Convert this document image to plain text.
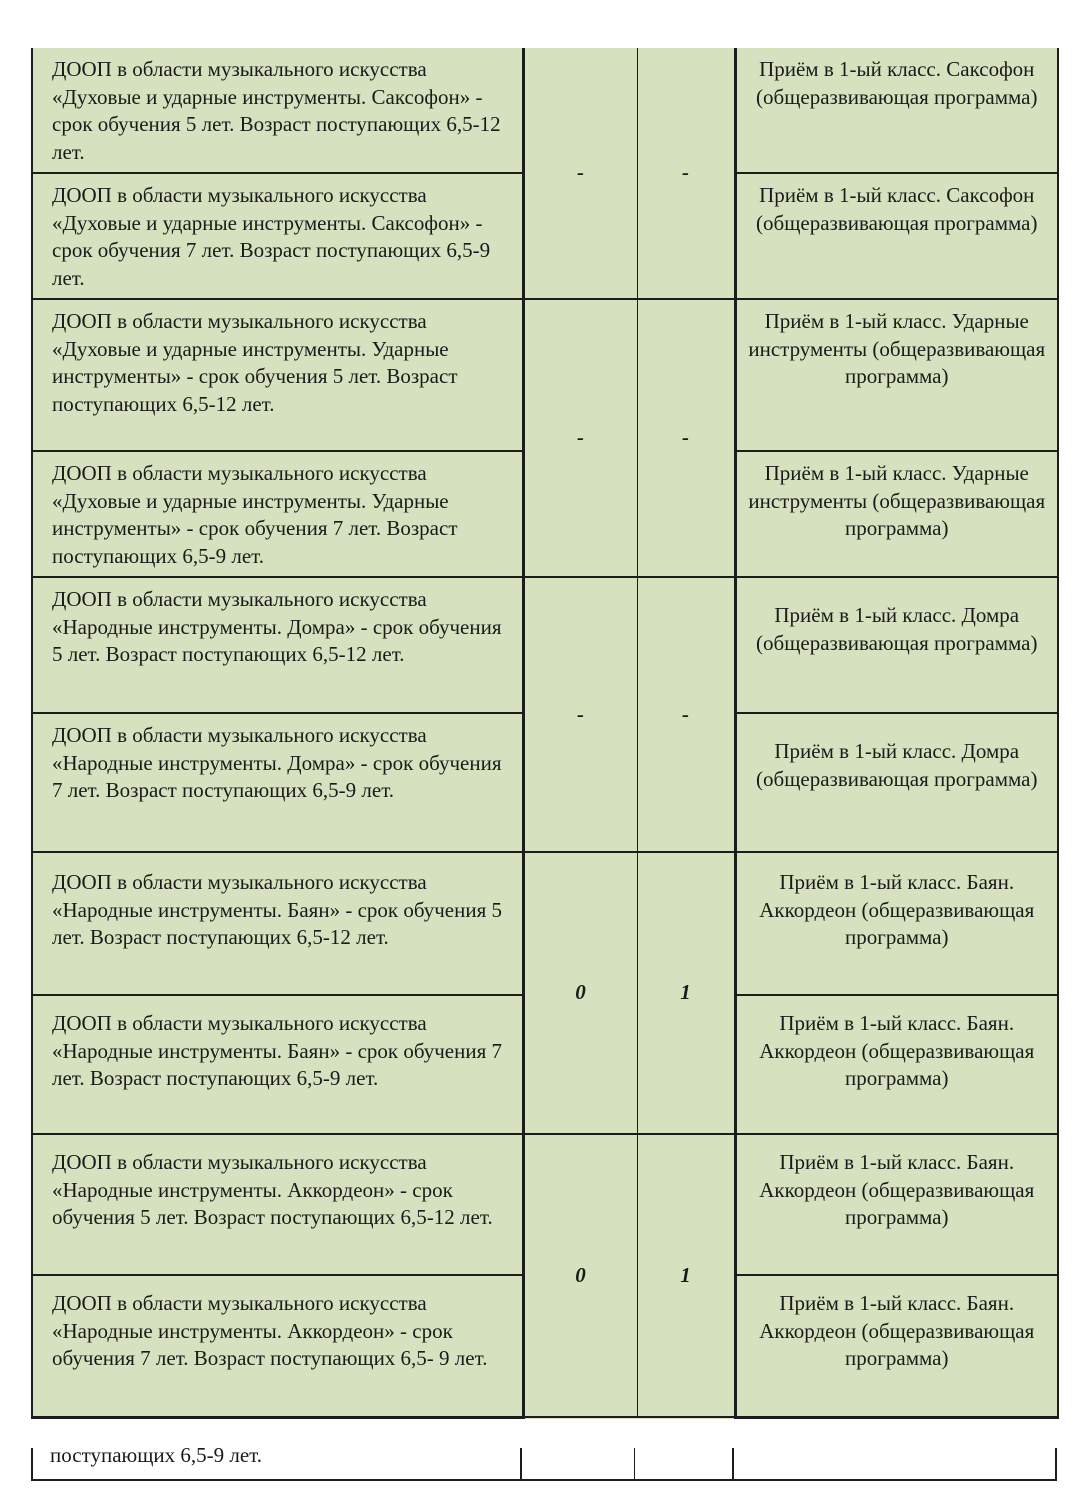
ДООП в области музыкального искусства «Духовые и ударные инструменты. Саксофон» - срок обучения 5 лет. Возраст поступающих 6,5-12 лет.	-	-	Приём в 1-ый класс. Саксофон (общеразвивающая программа)

ДООП в области музыкального искусства «Духовые и ударные инструменты. Саксофон» - срок обучения 7 лет. Возраст поступающих 6,5-9 лет.			Приём в 1-ый класс. Саксофон (общеразвивающая программа)

ДООП в области музыкального искусства «Духовые и ударные инструменты. Ударные инструменты» - срок обучения 5 лет. Возраст поступающих 6,5-12 лет.	-	-	Приём в 1-ый класс. Ударные инструменты (общеразвивающая программа)

ДООП в области музыкального искусства «Духовые и ударные инструменты. Ударные инструменты» - срок обучения 7 лет. Возраст поступающих 6,5-9 лет.			Приём в 1-ый класс. Ударные инструменты (общеразвивающая программа)

ДООП в области музыкального искусства «Народные инструменты. Домра» - срок обучения 5 лет. Возраст поступающих 6,5-12 лет.	-	-	Приём в 1-ый класс. Домра (общеразвивающая программа)

ДООП в области музыкального искусства «Народные инструменты. Домра» - срок обучения 7 лет. Возраст поступающих 6,5-9 лет.			Приём в 1-ый класс. Домра (общеразвивающая программа)

ДООП в области музыкального искусства «Народные инструменты. Баян» - срок обучения 5 лет. Возраст поступающих 6,5-12 лет.	0	1	Приём в 1-ый класс. Баян. Аккордеон (общеразвивающая программа)

ДООП в области музыкального искусства «Народные инструменты. Баян» - срок обучения 7 лет. Возраст поступающих 6,5-9 лет.			Приём в 1-ый класс. Баян. Аккордеон (общеразвивающая программа)

ДООП в области музыкального искусства «Народные инструменты. Аккордеон» - срок обучения 5 лет. Возраст поступающих 6,5-12 лет.	0	1	Приём в 1-ый класс. Баян. Аккордеон (общеразвивающая программа)

ДООП в области музыкального искусства «Народные инструменты. Аккордеон» - срок обучения 7 лет. Возраст поступающих 6,5- 9 лет.			Приём в 1-ый класс. Баян. Аккордеон (общеразвивающая программа)
поступающих 6,5-9 лет.
